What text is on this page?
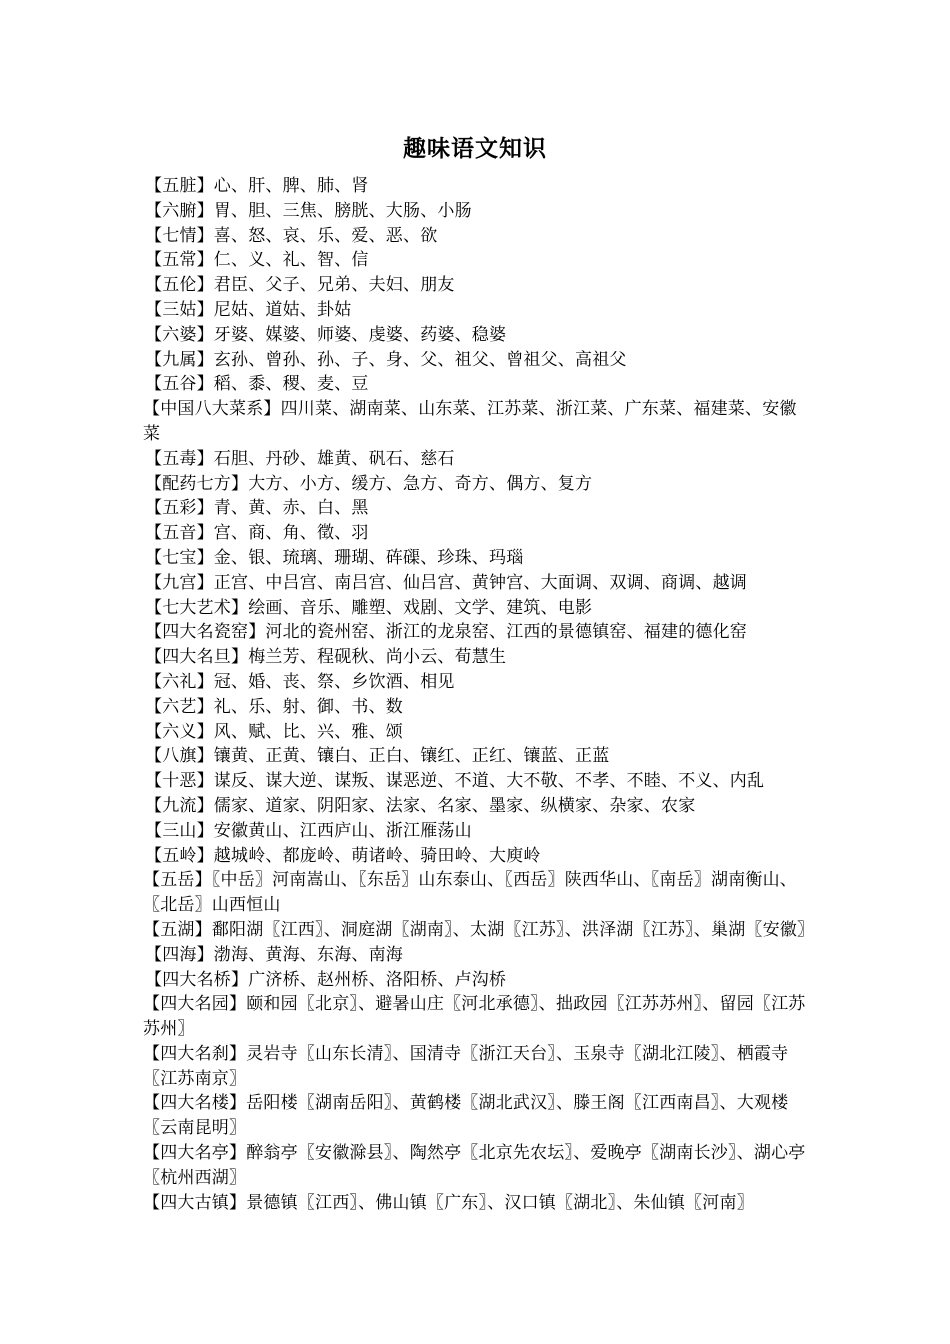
趣味语文知识
【五脏】心、肝、脾、肺、肾
【六腑】胃、胆、三焦、膀胱、大肠、小肠
【七情】喜、怒、哀、乐、爱、恶、欲
【五常】仁、义、礼、智、信
【五伦】君臣、父子、兄弟、夫妇、朋友
【三姑】尼姑、道姑、卦姑
【六婆】牙婆、媒婆、师婆、虔婆、药婆、稳婆
【九属】玄孙、曾孙、孙、子、身、父、祖父、曾祖父、高祖父
【五谷】稻、黍、稷、麦、豆
【中国八大菜系】四川菜、湖南菜、山东菜、江苏菜、浙江菜、广东菜、福建菜、安徽菜
【五毒】石胆、丹砂、雄黄、矾石、慈石
【配药七方】大方、小方、缓方、急方、奇方、偶方、复方
【五彩】青、黄、赤、白、黑
【五音】宫、商、角、徵、羽
【七宝】金、银、琉璃、珊瑚、砗磲、珍珠、玛瑙
【九宫】正宫、中吕宫、南吕宫、仙吕宫、黄钟宫、大面调、双调、商调、越调
【七大艺术】绘画、音乐、雕塑、戏剧、文学、建筑、电影
【四大名瓷窑】河北的瓷州窑、浙江的龙泉窑、江西的景德镇窑、福建的德化窑
【四大名旦】梅兰芳、程砚秋、尚小云、荀慧生
【六礼】冠、婚、丧、祭、乡饮酒、相见
【六艺】礼、乐、射、御、书、数
【六义】风、赋、比、兴、雅、颂
【八旗】镶黄、正黄、镶白、正白、镶红、正红、镶蓝、正蓝
【十恶】谋反、谋大逆、谋叛、谋恶逆、不道、大不敬、不孝、不睦、不义、内乱
【九流】儒家、道家、阴阳家、法家、名家、墨家、纵横家、杂家、农家
【三山】安徽黄山、江西庐山、浙江雁荡山
【五岭】越城岭、都庞岭、萌诸岭、骑田岭、大庾岭
【五岳】〖中岳〗河南嵩山、〖东岳〗山东泰山、〖西岳〗陕西华山、〖南岳〗湖南衡山、〖北岳〗山西恒山
【五湖】鄱阳湖〖江西〗、洞庭湖〖湖南〗、太湖〖江苏〗、洪泽湖〖江苏〗、巢湖〖安徽〗
【四海】渤海、黄海、东海、南海
【四大名桥】广济桥、赵州桥、洛阳桥、卢沟桥
【四大名园】颐和园〖北京〗、避暑山庄〖河北承德〗、拙政园〖江苏苏州〗、留园〖江苏苏州〗
【四大名刹】灵岩寺〖山东长清〗、国清寺〖浙江天台〗、玉泉寺〖湖北江陵〗、栖霞寺〖江苏南京〗
【四大名楼】岳阳楼〖湖南岳阳〗、黄鹤楼〖湖北武汉〗、滕王阁〖江西南昌〗、大观楼〖云南昆明〗
【四大名亭】醉翁亭〖安徽滁县〗、陶然亭〖北京先农坛〗、爱晚亭〖湖南长沙〗、湖心亭〖杭州西湖〗
【四大古镇】景德镇〖江西〗、佛山镇〖广东〗、汉口镇〖湖北〗、朱仙镇〖河南〗
